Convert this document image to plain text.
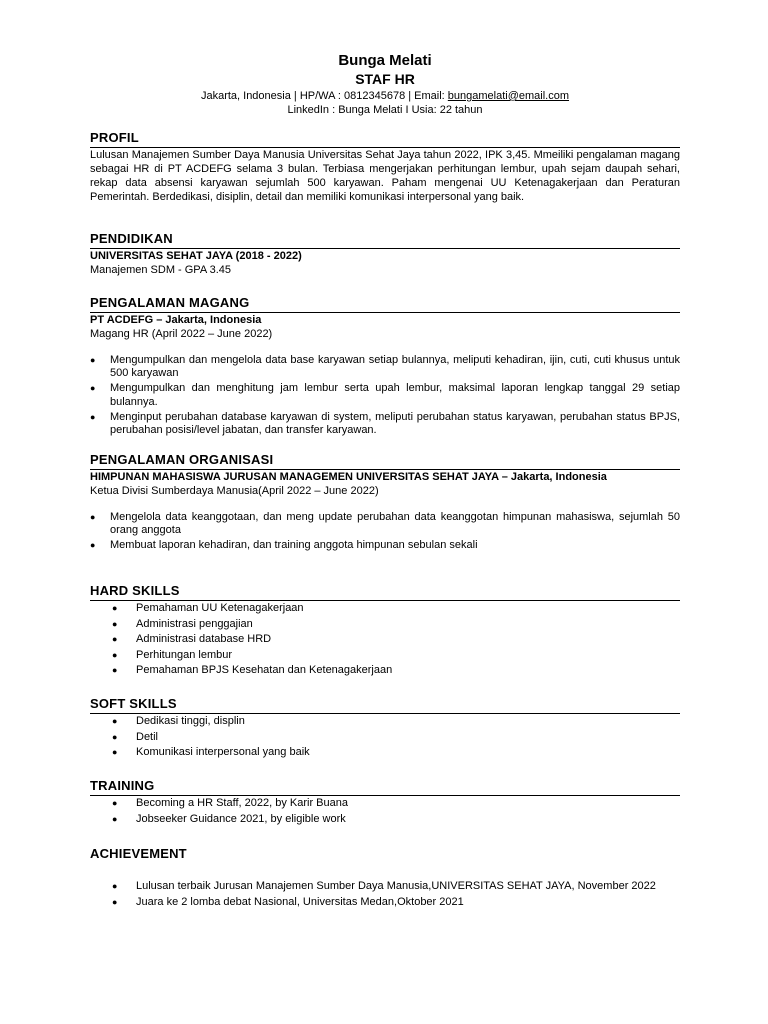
Bunga Melati
STAF HR
Jakarta, Indonesia | HP/WA : 0812345678 | Email: bungamelati@email.com
LinkedIn : Bunga Melati I Usia: 22 tahun
PROFIL
Lulusan Manajemen Sumber Daya Manusia Universitas Sehat Jaya tahun 2022, IPK 3,45. Mmeiliki pengalaman magang sebagai HR di PT ACDEFG selama 3 bulan. Terbiasa mengerjakan perhitungan lembur, upah sejam daupah sehari, rekap data absensi karyawan sejumlah 500 karyawan. Paham mengenai UU Ketenagakerjaan dan Peraturan Pemerintah. Berdedikasi, disiplin, detail dan memiliki komunikasi interpersonal yang baik.
PENDIDIKAN
UNIVERSITAS SEHAT JAYA (2018 - 2022)
Manajemen SDM - GPA 3.45
PENGALAMAN MAGANG
PT ACDEFG – Jakarta, Indonesia
Magang HR (April 2022 – June 2022)
● Mengumpulkan dan mengelola data base karyawan setiap bulannya, meliputi kehadiran, ijin, cuti, cuti khusus untuk 500 karyawan
● Mengumpulkan dan menghitung jam lembur serta upah lembur, maksimal laporan lengkap tanggal 29 setiap bulannya.
● Menginput perubahan database karyawan di system, meliputi perubahan status karyawan, perubahan status BPJS, perubahan posisi/level jabatan, dan transfer karyawan.
PENGALAMAN ORGANISASI
HIMPUNAN MAHASISWA JURUSAN MANAGEMEN UNIVERSITAS SEHAT JAYA – Jakarta, Indonesia
Ketua Divisi Sumberdaya Manusia(April 2022 – June 2022)
● Mengelola data keanggotaan, dan meng update perubahan data keanggotan himpunan mahasiswa, sejumlah 50 orang anggota
● Membuat laporan kehadiran, dan training anggota himpunan sebulan sekali
HARD SKILLS
● Pemahaman UU Ketenagakerjaan
● Administrasi penggajian
● Administrasi database HRD
● Perhitungan lembur
● Pemahaman BPJS Kesehatan dan Ketenagakerjaan
SOFT SKILLS
● Dedikasi tinggi, displin
● Detil
● Komunikasi interpersonal yang baik
TRAINING
● Becoming a HR Staff, 2022, by Karir Buana
● Jobseeker Guidance 2021, by eligible work
ACHIEVEMENT
● Lulusan terbaik Jurusan Manajemen Sumber Daya Manusia,UNIVERSITAS SEHAT JAYA, November 2022
● Juara ke 2 lomba debat Nasional, Universitas Medan,Oktober 2021
